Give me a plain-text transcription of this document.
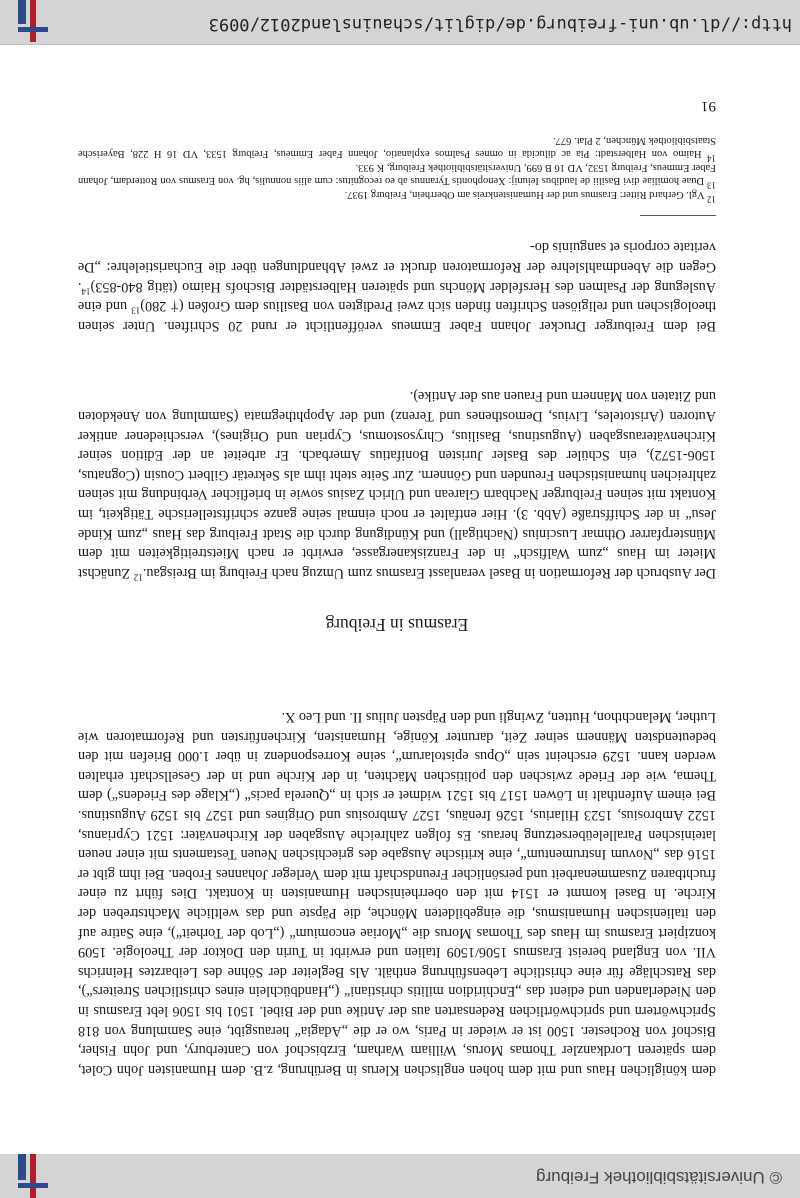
© Universitätsbibliothek Freiburg

dem königlichen Haus und mit dem hohen englischen Klerus in Berührung, z.B. dem Humanisten John Colet, dem späteren Lordkanzler Thomas Morus, William Warham, Erzbischof von Canterbury, und John Fisher, Bischof von Rochester. 1500 ist er wieder in Paris, wo er die „Adagia“ herausgibt, eine Sammlung von 818 Sprichwörtern und sprichwörtlichen Redensarten aus der Antike und der Bibel. 1501 bis 1506 lebt Erasmus in den Niederlanden und edient das „Enchiridion militis christiani“ („Handbüchlein eines christlichen Streiters“), das Ratschläge für eine christliche Lebensführung enthält. Als Begleiter der Söhne des Leibarztes Heinrichs VII. von England bereist Erasmus 1506/1509 Italien und erwirbt in Turin den Doktor der Theologie. 1509 konzipiert Erasmus im Haus des Thomas Morus die „Moriae encomium“ („Lob der Torheit“), eine Satire auf den italienischen Humanismus, die eingebildeten Mönche, die Päpste und das weltliche Machtstreben der Kirche. In Basel kommt er 1514 mit den oberrheinischen Humanisten in Kontakt. Dies führt zu einer fruchtbaren Zusammenarbeit und persönlicher Freundschaft mit dem Verleger Johannes Froben. Bei ihm gibt er 1516 das „Novum Instrumentum“, eine kritische Ausgabe des griechischen Neuen Testaments mit einer neuen lateinischen Paralleleübersetzung heraus. Es folgen zahlreiche Ausgaben der Kirchenväter: 1521 Cyprianus, 1522 Ambrosius, 1523 Hilarius, 1526 Irenäus, 1527 Ambrosius und Origines und 1527 bis 1529 Augustinus. Bei einem Aufenthalt in Löwen 1517 bis 1521 widmet er sich in „Querela pacis“ („Klage des Friedens“) dem Thema, wie der Friede zwischen den politischen Mächten, in der Kirche und in der Gesellschaft erhalten werden kann. 1529 erscheint sein „Opus epistolarum“, seine Korrespondenz in über 1.000 Briefen mit den bedeutendsten Männern seiner Zeit, darunter Könige, Humanisten, Kirchenfürsten und Reformatoren wie Luther, Melanchthon, Hutten, Zwingli und den Päpsten Julius II. und Leo X.

Erasmus in Freiburg

Der Ausbruch der Reformation in Basel veranlasst Erasmus zum Umzug nach Freiburg im Breisgau.$^{12}$ Zunächst Mieter im Haus „zum Walfisch“ in der Franziskanergasse, erwirbt er nach Mietstreitigkeiten mit dem Münsterpfarrer Othmar Luscinius (Nachtigall) und Kündigung durch die Stadt Freiburg das Haus „zum Kinde Jesu“ in der Schiffstraße (Abb. 3). Hier entfaltet er noch einmal seine ganze schriftstellerische Tätigkeit, im Kontakt mit seinen Freiburger Nachbarn Glarean und Ulrich Zasius sowie in brieflicher Verbindung mit seinen zahlreichen humanistischen Freunden und Gönnern. Zur Seite steht ihm als Sekretär Gilbert Cousin (Cognatus, 1506-1572), ein Schüler des Basler Juristen Bonifatius Amerbach. Er arbeitet an der Edition seiner Kirchenväterausgaben (Augustinus, Basilius, Chrysostomus, Cyprian und Origines), verschiedener antiker Autoren (Aristoteles, Livius, Demosthenes und Terenz) und der Apophthegmata (Sammlung von Anekdoten und Zitaten von Männern und Frauen aus der Antike).

Bei dem Freiburger Drucker Johann Faber Emmeus veröffentlicht er rund 20 Schriften. Unter seinen theologischen und religiösen Schriften finden sich zwei Predigten von Basilius dem Großen († 280)$^{13}$ und eine Auslegung der Psalmen des Hersfelder Mönchs und späteren Halberstädter Bischofs Haimo (tätig 840-853)$^{14}$. Gegen die Abendmahlslehre der Reformatoren druckt er zwei Abhandlungen über die Eucharistielehre: „De veritate corporis et sanguinis do-

$^{12}$ Vgl. Gerhard Ritter: Erasmus und der Humanistenkreis am Oberrhein, Freiburg 1937.
$^{13}$ Duae homiliae divi Basilii de laudibus Ieiunij: Xenophontis Tyrannus ab eo recognitus: cum aliis nonnulis, hg. von Erasmus von Rotterdam, Johann Faber Emmeus, Freiburg 1532, VD 16 B 699, Universitätsbibliothek Freiburg, K 933.
$^{14}$ Haimo von Halberstadt: Pia ac dilucida in omnes Psalmos explanatio, Johann Faber Emmeus, Freiburg 1533, VD 16 H 228, Bayerische Staatsbibliothek München, 2 Plat. 677.
91
http://dl.ub.uni-freiburg.de/diglit/schauinsland2012/0093
